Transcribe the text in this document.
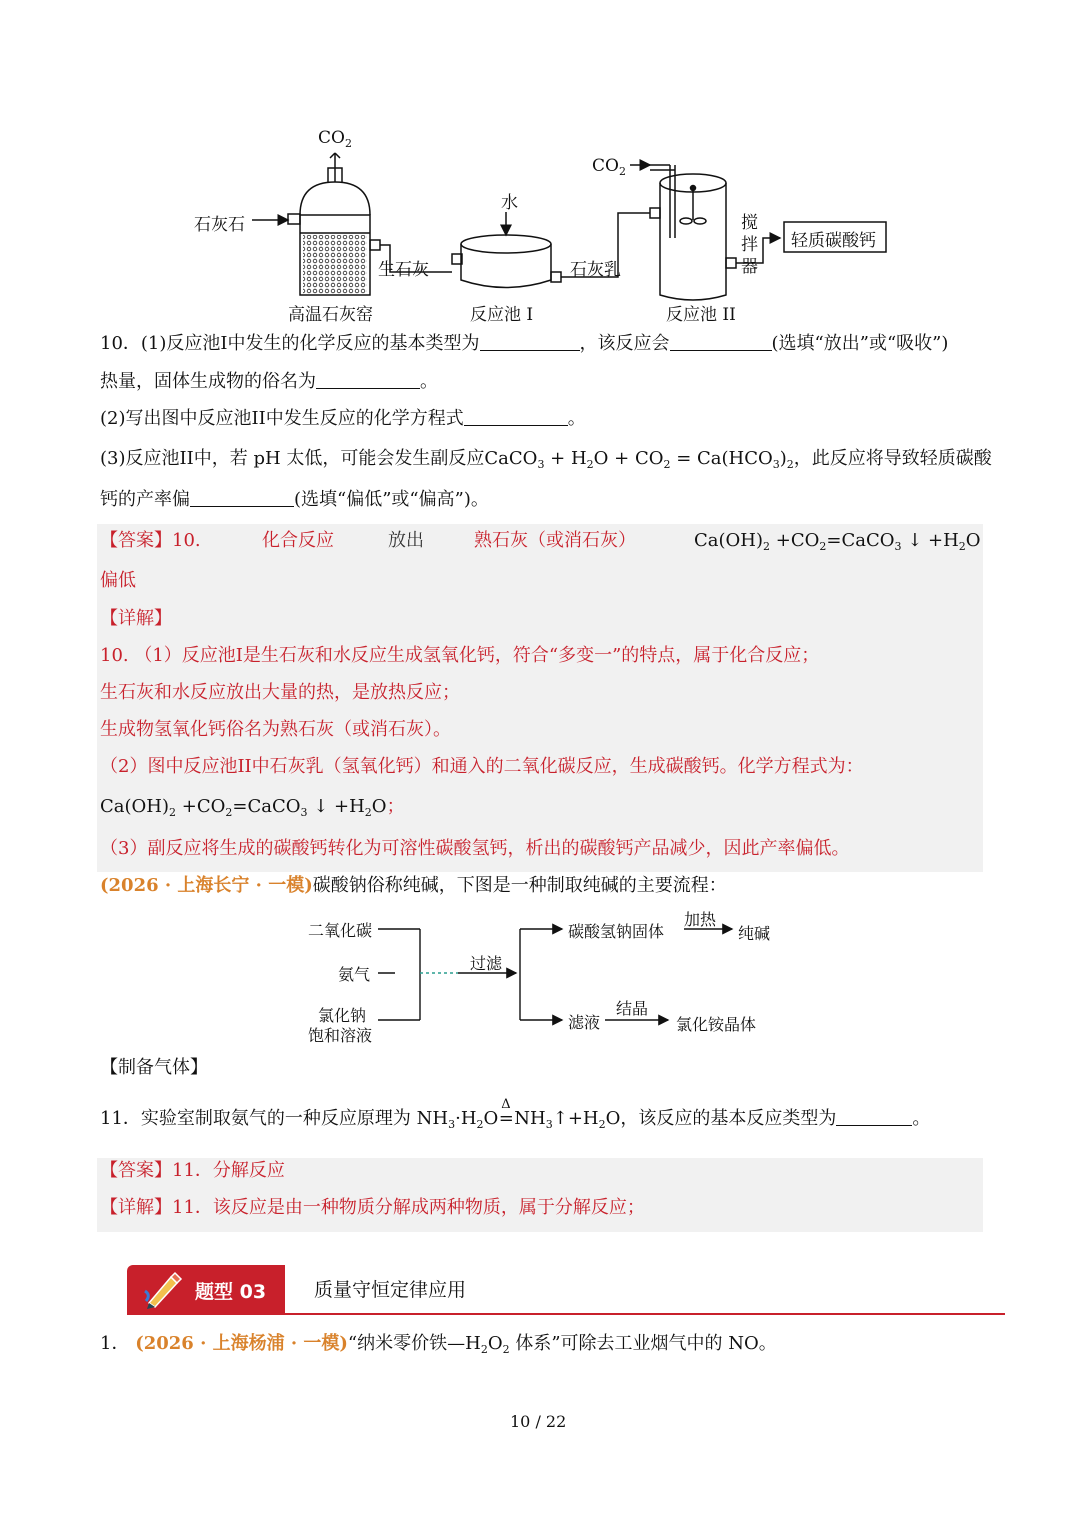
$CO_2$
石灰石
高温石灰窑
生石灰
水
反应池 I
石灰乳
$CO_2$
反应池 II
搅
拌
器
轻质碳酸钙
10．(1)反应池I中发生的化学反应的基本类型为	，该反应会	(选填“放出”或“吸收”)
热量，固体生成物的俗名为	。
(2)写出图中反应池II中发生反应的化学方程式	。
(3)反应池II中，若 pH 太低，可能会发生副反应CaCO$_3$ + $H_2O + CO_2 = Ca(HCO_3)_2$，此反应将导致轻质碳酸
钙的产率偏	(选填“偏低”或“偏高”)。
【答案】10.	化合反应	放出	熟石灰（或消石灰）	$Ca(OH)_2$ $+CO_2=CaCO_3$ ↓ $+H_2O$
偏低
【详解】
10. （1）反应池I是生石灰和水反应生成氢氧化钙，符合“多变一”的特点，属于化合反应；
生石灰和水反应放出大量的热，是放热反应；
生成物氢氧化钙俗名为熟石灰（或消石灰）。
（2）图中反应池II中石灰乳（氢氧化钙）和通入的二氧化碳反应，生成碳酸钙。化学方程式为：
$Ca(OH)_2$ $+CO_2=CaCO_3$ ↓ $+H_2O$；
（3）副反应将生成的碳酸钙转化为可溶性碳酸氢钙，析出的碳酸钙产品减少，因此产率偏低。
(2026 · 上海长宁 · 一模)碳酸钠俗称纯碱，下图是一种制取纯碱的主要流程：
二氧化碳
氨气
氯化钠
饱和溶液
过滤
碳酸氢钠固体
加热
纯碱
滤液
结晶
氯化铵晶体
【制备气体】
11．实验室制取氨气的一种反应原理为 $NH_3\cdot H_2O$
Δ
$=NH_3↑+H_2O$，该反应的基本反应类型为	。
【答案】11．分解反应
【详解】11．该反应是由一种物质分解成两种物质，属于分解反应；
题型 03	质量守恒定律应用
1． (2026 · 上海杨浦 · 一模)“纳米零价铁$—H_2O_2$ 体系”可除去工业烟气中的 NO。
10 / 22
